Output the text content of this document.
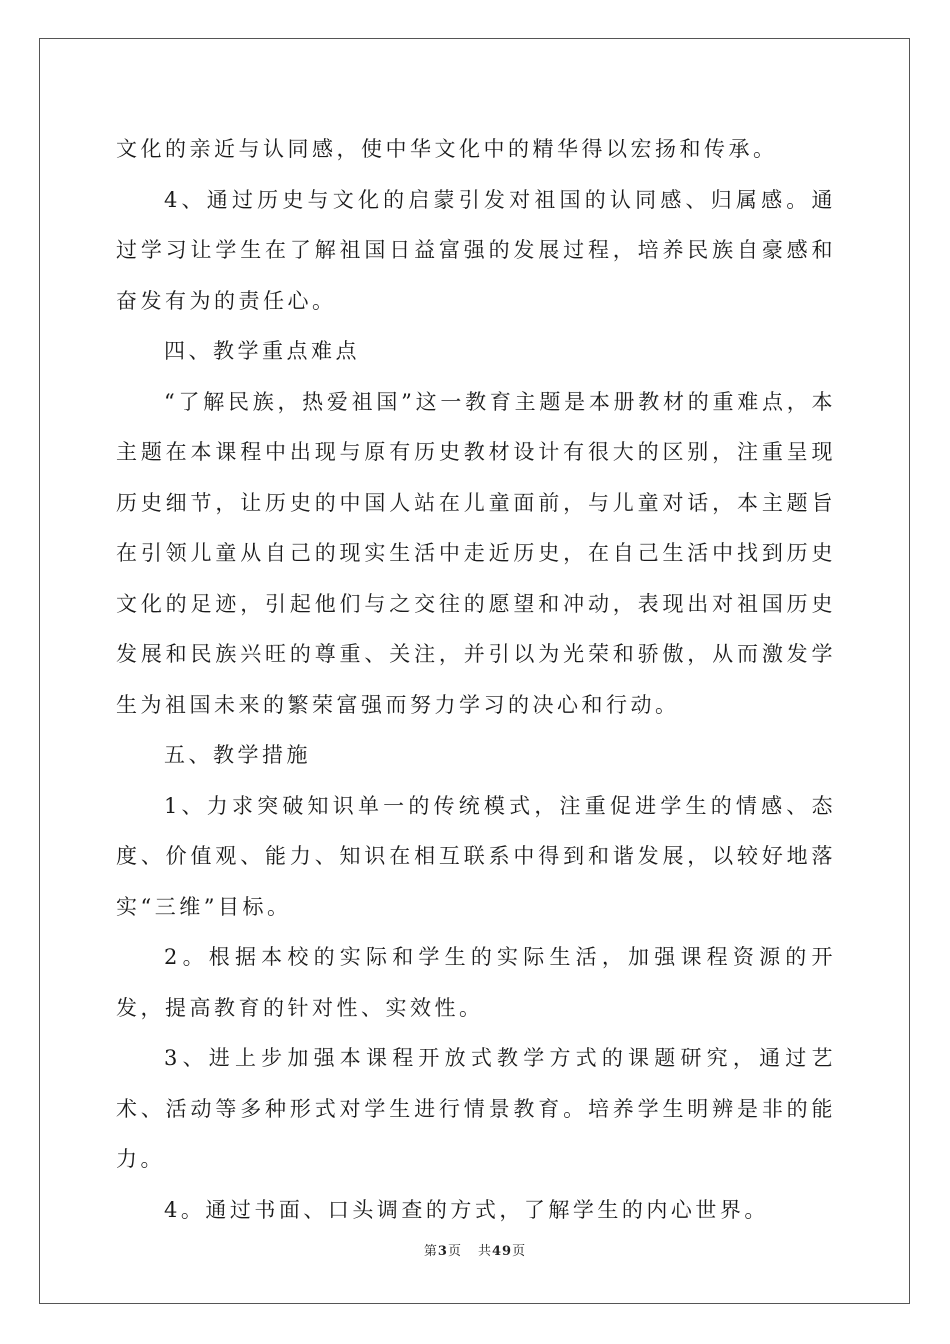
文化的亲近与认同感，使中华文化中的精华得以宏扬和传承。

4、通过历史与文化的启蒙引发对祖国的认同感、归属感。通过学习让学生在了解祖国日益富强的发展过程，培养民族自豪感和奋发有为的责任心。

四、教学重点难点

“了解民族，热爱祖国”这一教育主题是本册教材的重难点，本主题在本课程中出现与原有历史教材设计有很大的区别，注重呈现历史细节，让历史的中国人站在儿童面前，与儿童对话，本主题旨在引领儿童从自己的现实生活中走近历史，在自己生活中找到历史文化的足迹，引起他们与之交往的愿望和冲动，表现出对祖国历史发展和民族兴旺的尊重、关注，并引以为光荣和骄傲，从而激发学生为祖国未来的繁荣富强而努力学习的决心和行动。

五、教学措施

1、力求突破知识单一的传统模式，注重促进学生的情感、态度、价值观、能力、知识在相互联系中得到和谐发展，以较好地落实“三维”目标。

2。根据本校的实际和学生的实际生活，加强课程资源的开发，提高教育的针对性、实效性。

3、进上步加强本课程开放式教学方式的课题研究，通过艺术、活动等多种形式对学生进行情景教育。培养学生明辨是非的能力。

4。通过书面、口头调查的方式，了解学生的内心世界。

第3页 共49页
